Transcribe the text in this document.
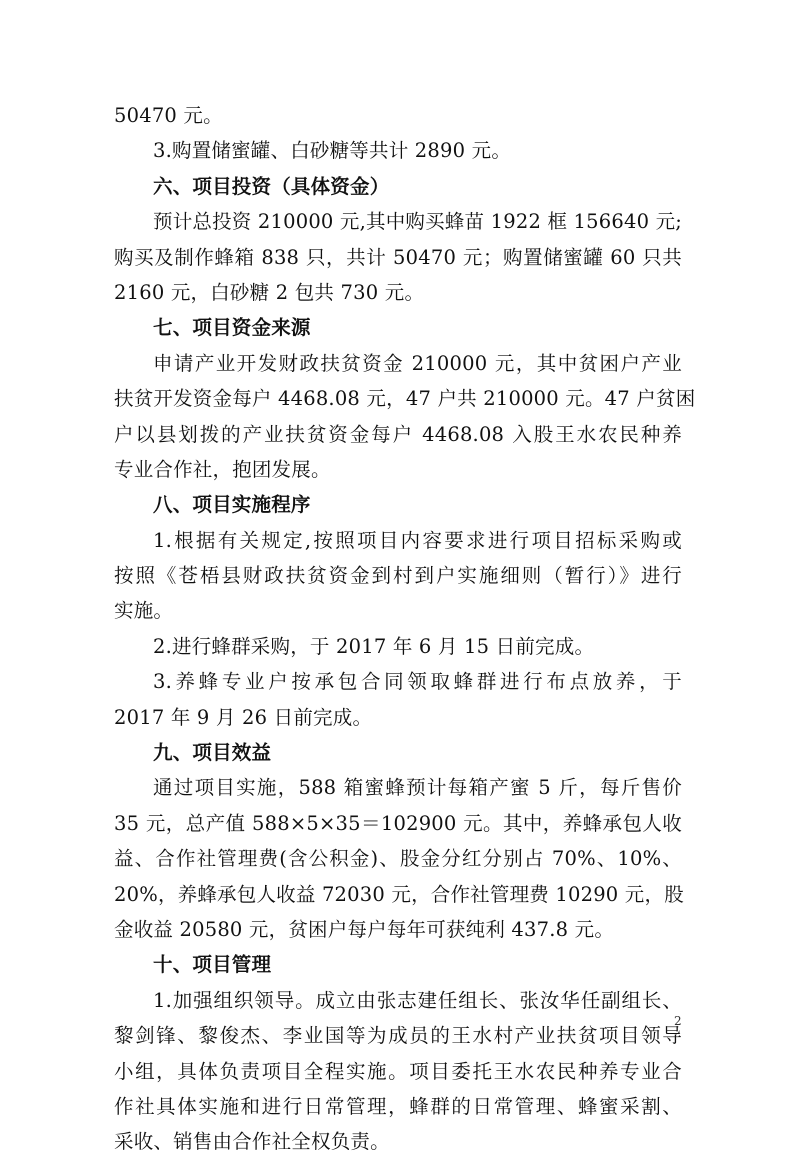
50470 元。
3.购置储蜜罐、白砂糖等共计 2890 元。
六、项目投资（具体资金）
预计总投资 210000 元,其中购买蜂苗 1922 框 156640 元;
购买及制作蜂箱 838 只，共计 50470 元；购置储蜜罐 60 只共
2160 元，白砂糖 2 包共 730 元。
七、项目资金来源
申请产业开发财政扶贫资金 210000 元，其中贫困户产业
扶贫开发资金每户 4468.08 元，47 户共 210000 元。47 户贫困
户以县划拨的产业扶贫资金每户 4468.08 入股王水农民种养
专业合作社，抱团发展。
八、项目实施程序
1.根据有关规定,按照项目内容要求进行项目招标采购或
按照《苍梧县财政扶贫资金到村到户实施细则（暂行）》进行
实施。
2.进行蜂群采购，于 2017 年 6 月 15 日前完成。
3.养蜂专业户按承包合同领取蜂群进行布点放养，于
2017 年 9 月 26 日前完成。
九、项目效益
通过项目实施，588 箱蜜蜂预计每箱产蜜 5 斤，每斤售价
35 元，总产值 588×5×35＝102900 元。其中，养蜂承包人收
益、合作社管理费(含公积金)、股金分红分别占 70%、10%、
20%，养蜂承包人收益 72030 元，合作社管理费 10290 元，股
金收益 20580 元，贫困户每户每年可获纯利 437.8 元。
十、项目管理
1.加强组织领导。成立由张志建任组长、张汝华任副组长、
黎剑锋、黎俊杰、李业国等为成员的王水村产业扶贫项目领导
小组，具体负责项目全程实施。项目委托王水农民种养专业合
作社具体实施和进行日常管理，蜂群的日常管理、蜂蜜采割、
采收、销售由合作社全权负责。
2
